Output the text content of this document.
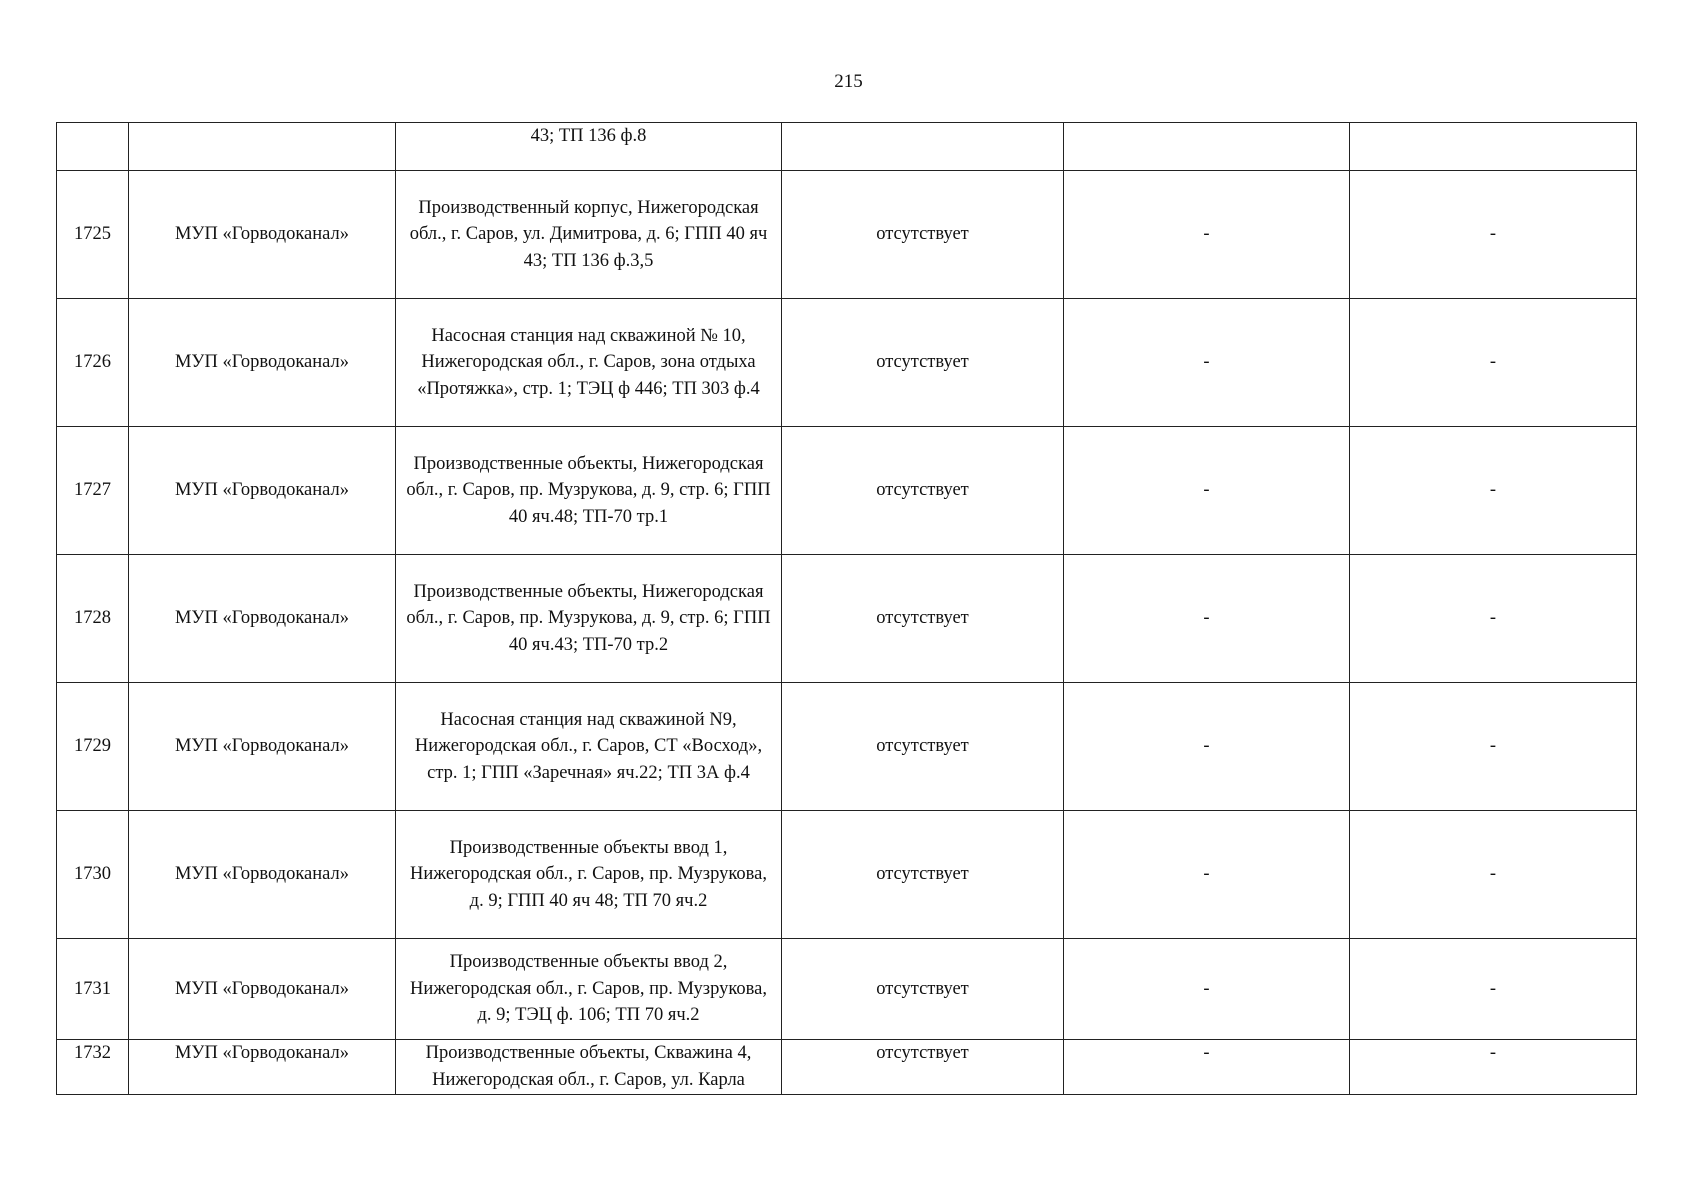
215
		43; ТП 136 ф.8			
1725	МУП «Горводоканал»	Производственный корпус, Нижегородская обл., г. Саров, ул. Димитрова, д. 6; ГПП 40 яч 43; ТП 136 ф.3,5	отсутствует	-	-
1726	МУП «Горводоканал»	Насосная станция над скважиной № 10, Нижегородская обл., г. Саров, зона отдыха «Протяжка», стр. 1; ТЭЦ ф 446; ТП 303 ф.4	отсутствует	-	-
1727	МУП «Горводоканал»	Производственные объекты, Нижегородская обл., г. Саров, пр. Музрукова, д. 9, стр. 6; ГПП 40 яч.48; ТП-70 тр.1	отсутствует	-	-
1728	МУП «Горводоканал»	Производственные объекты, Нижегородская обл., г. Саров, пр. Музрукова, д. 9, стр. 6; ГПП 40 яч.43; ТП-70 тр.2	отсутствует	-	-
1729	МУП «Горводоканал»	Насосная станция над скважиной N9, Нижегородская обл., г. Саров, СТ «Восход», стр. 1; ГПП «Заречная» яч.22; ТП 3А ф.4	отсутствует	-	-
1730	МУП «Горводоканал»	Производственные объекты ввод 1, Нижегородская обл., г. Саров, пр. Музрукова, д. 9; ГПП 40 яч 48; ТП 70 яч.2	отсутствует	-	-
1731	МУП «Горводоканал»	Производственные объекты ввод 2, Нижегородская обл., г. Саров, пр. Музрукова, д. 9; ТЭЦ ф. 106; ТП 70 яч.2	отсутствует	-	-
1732	МУП «Горводоканал»	Производственные объекты, Скважина 4, Нижегородская обл., г. Саров, ул. Карла	отсутствует	-	-
